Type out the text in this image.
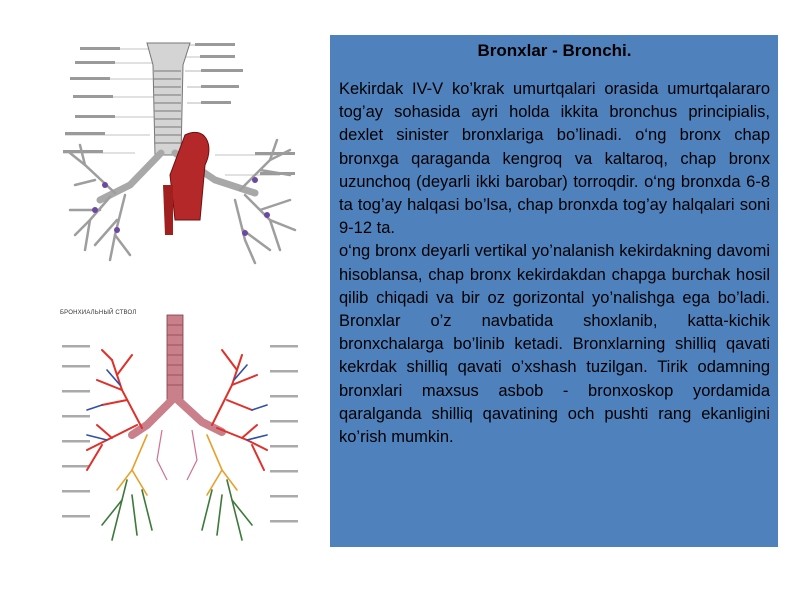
БРОНХИАЛЬНЫЙ СТВОЛ
Bronxlar - Bronchi.

Kekirdak IV-V ko’krak umurtqalari orasida umurtqalararo tog’ay sohasida ayri holda ikkita bronchus principialis, dexlet sinister bronxlariga bo’linadi. o‘ng bronx chap bronxga qaraganda kengroq va kaltaroq, chap bronx uzunchoq (deyarli ikki barobar) torroqdir. o‘ng bronxda 6-8 ta tog’ay halqasi bo’lsa, chap bronxda tog’ay halqalari soni 9-12 ta.

o‘ng bronx deyarli vertikal yo’nalanish kekirdakning davomi hisoblansa, chap bronx kekirdakdan chapga burchak hosil qilib chiqadi va bir oz gorizontal yo’nalishga ega bo’ladi. Bronxlar o’z navbatida shoxlanib, katta-kichik bronxchalarga bo’linib ketadi. Bronxlarning shilliq qavati kekrdak shilliq qavati o’xshash tuzilgan. Tirik odamning bronxlari maxsus asbob - bronxoskop yordamida qaralganda shilliq qavatining och pushti rang ekanligini ko’rish mumkin.
